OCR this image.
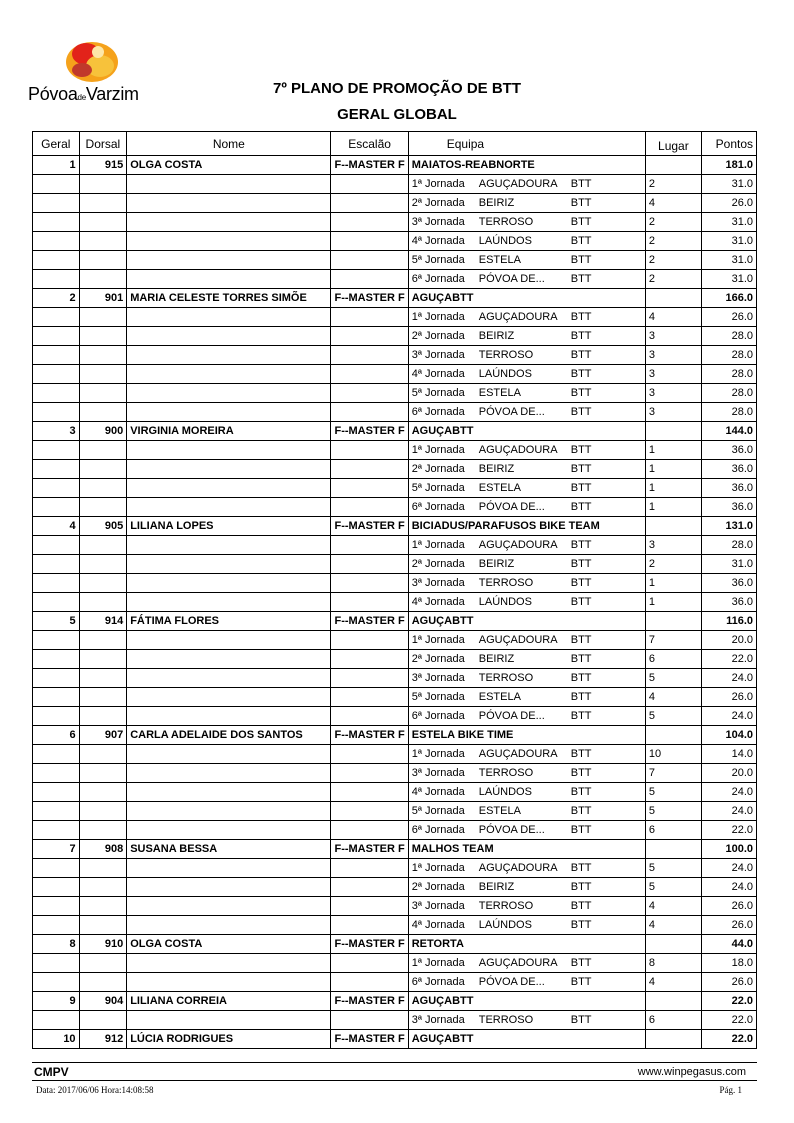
PóvoadeVarzim	7º PLANO DE PROMOÇÃO DE BTT
GERAL GLOBAL
Geral	Dorsal	Nome	Escalão	Equipa	Lugar	Pontos
1	915	OLGA COSTA	F--MASTER F	MAIATOS-REABNORTE		181.0
				1ª Jornada AGUÇADOURA BTT	2	31.0
				2ª Jornada BEIRIZ BTT	4	26.0
				3ª Jornada TERROSO BTT	2	31.0
				4ª Jornada LAÚNDOS BTT	2	31.0
				5ª Jornada ESTELA BTT	2	31.0
				6ª Jornada PÓVOA DE... BTT	2	31.0
2	901	MARIA CELESTE TORRES SIMÕE	F--MASTER F	AGUÇABTT		166.0
				1ª Jornada AGUÇADOURA BTT	4	26.0
				2ª Jornada BEIRIZ BTT	3	28.0
				3ª Jornada TERROSO BTT	3	28.0
				4ª Jornada LAÚNDOS BTT	3	28.0
				5ª Jornada ESTELA BTT	3	28.0
				6ª Jornada PÓVOA DE... BTT	3	28.0
3	900	VIRGINIA MOREIRA	F--MASTER F	AGUÇABTT		144.0
				1ª Jornada AGUÇADOURA BTT	1	36.0
				2ª Jornada BEIRIZ BTT	1	36.0
				5ª Jornada ESTELA BTT	1	36.0
				6ª Jornada PÓVOA DE... BTT	1	36.0
4	905	LILIANA LOPES	F--MASTER F	BICIADUS/PARAFUSOS BIKE TEAM		131.0
				1ª Jornada AGUÇADOURA BTT	3	28.0
				2ª Jornada BEIRIZ BTT	2	31.0
				3ª Jornada TERROSO BTT	1	36.0
				4ª Jornada LAÚNDOS BTT	1	36.0
5	914	FÁTIMA FLORES	F--MASTER F	AGUÇABTT		116.0
				1ª Jornada AGUÇADOURA BTT	7	20.0
				2ª Jornada BEIRIZ BTT	6	22.0
				3ª Jornada TERROSO BTT	5	24.0
				5ª Jornada ESTELA BTT	4	26.0
				6ª Jornada PÓVOA DE... BTT	5	24.0
6	907	CARLA ADELAIDE DOS SANTOS	F--MASTER F	ESTELA BIKE TIME		104.0
				1ª Jornada AGUÇADOURA BTT	10	14.0
				3ª Jornada TERROSO BTT	7	20.0
				4ª Jornada LAÚNDOS BTT	5	24.0
				5ª Jornada ESTELA BTT	5	24.0
				6ª Jornada PÓVOA DE... BTT	6	22.0
7	908	SUSANA BESSA	F--MASTER F	MALHOS TEAM		100.0
				1ª Jornada AGUÇADOURA BTT	5	24.0
				2ª Jornada BEIRIZ BTT	5	24.0
				3ª Jornada TERROSO BTT	4	26.0
				4ª Jornada LAÚNDOS BTT	4	26.0
8	910	OLGA COSTA	F--MASTER F	RETORTA		44.0
				1ª Jornada AGUÇADOURA BTT	8	18.0
				6ª Jornada PÓVOA DE... BTT	4	26.0
9	904	LILIANA CORREIA	F--MASTER F	AGUÇABTT		22.0
				3ª Jornada TERROSO BTT	6	22.0
10	912	LÚCIA RODRIGUES	F--MASTER F	AGUÇABTT		22.0
CMPV	www.winpegasus.com
Data: 2017/06/06 Hora:14:08:58	Pág. 1
